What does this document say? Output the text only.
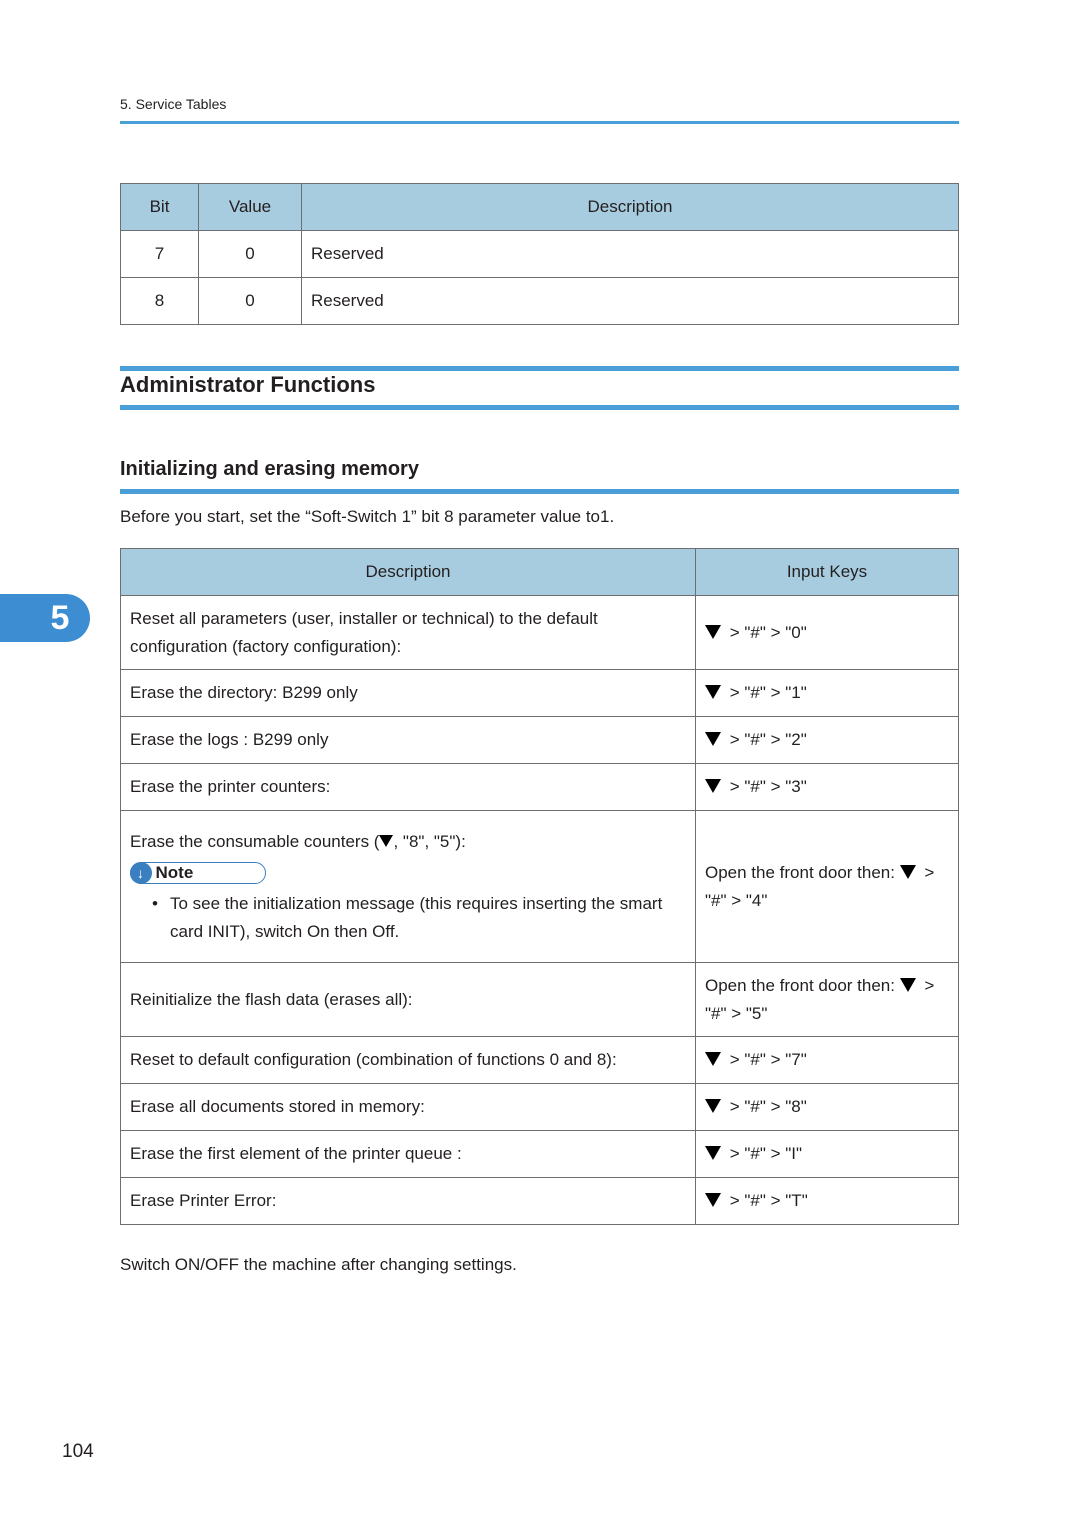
5. Service Tables
Bit	Value	Description
7	0	Reserved
8	0	Reserved
Administrator Functions
Initializing and erasing memory
Before you start, set the “Soft-Switch 1” bit 8 parameter value to1.
Description	Input Keys
Reset all parameters (user, installer or technical) to the default configuration (factory configuration):	> "#" > "0"
Erase the directory: B299 only	> "#" > "1"
Erase the logs : B299 only	> "#" > "2"
Erase the printer counters:	> "#" > "3"

Erase the consumable counters ( , "8", "5"):
↓ Note
• To see the initialization message (this requires inserting the smart card INIT), switch On then Off.	Open the front door then:  > "#" > "4"
Reinitialize the flash data (erases all):	Open the front door then:  > "#" > "5"
Reset to default configuration (combination of functions 0 and 8):	> "#" > "7"
Erase all documents stored in memory:	> "#" > "8"
Erase the first element of the printer queue :	> "#" > "I"
Erase Printer Error:	> "#" > "T"
Switch ON/OFF the machine after changing settings.
5
104
